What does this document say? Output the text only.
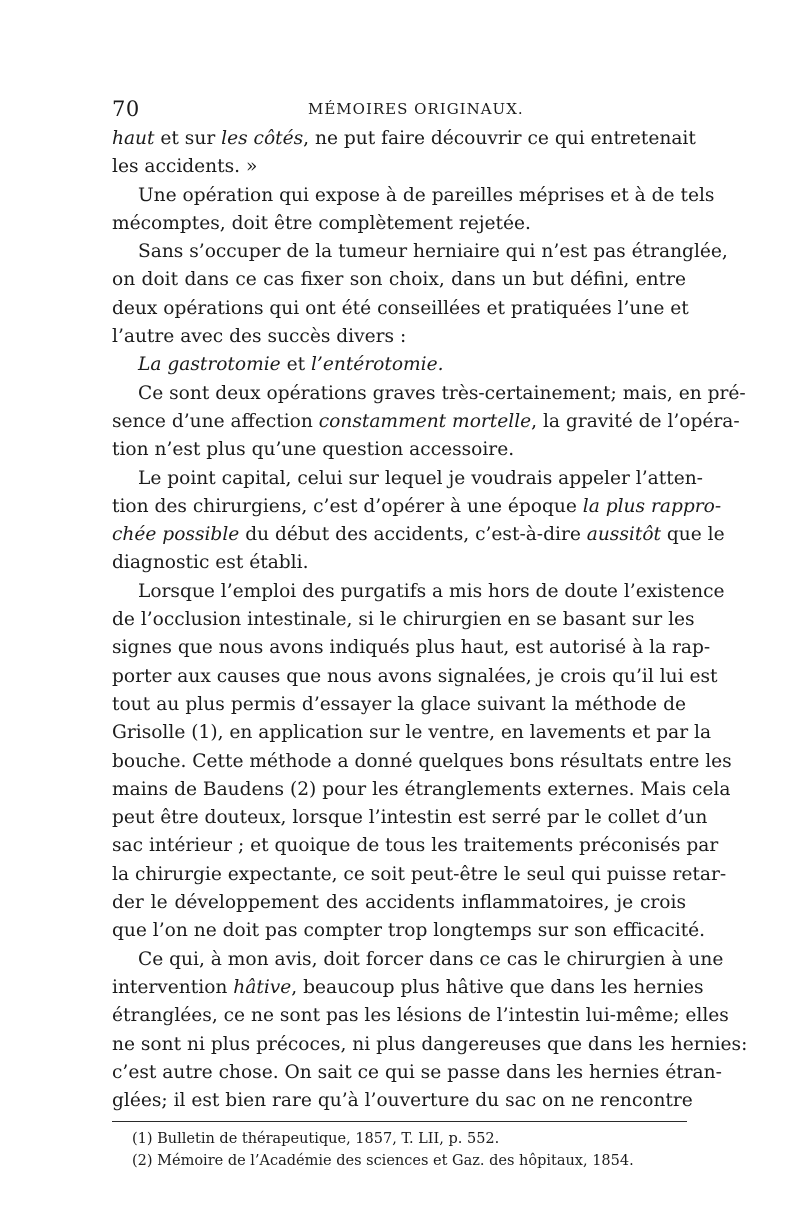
70	MÉMOIRES ORIGINAUX.
haut et sur les côtés, ne put faire découvrir ce qui entretenait
les accidents. »
Une opération qui expose à de pareilles méprises et à de tels
mécomptes, doit être complètement rejetée.
Sans s’occuper de la tumeur herniaire qui n’est pas étranglée,
on doit dans ce cas fixer son choix, dans un but défini, entre
deux opérations qui ont été conseillées et pratiquées l’une et
l’autre avec des succès divers :
La gastrotomie et l’entérotomie.
Ce sont deux opérations graves très-certainement; mais, en pré-
sence d’une affection constamment mortelle, la gravité de l’opéra-
tion n’est plus qu’une question accessoire.
Le point capital, celui sur lequel je voudrais appeler l’atten-
tion des chirurgiens, c’est d’opérer à une époque la plus rappro-
chée possible du début des accidents, c’est-à-dire aussitôt que le
diagnostic est établi.
Lorsque l’emploi des purgatifs a mis hors de doute l’existence
de l’occlusion intestinale, si le chirurgien en se basant sur les
signes que nous avons indiqués plus haut, est autorisé à la rap-
porter aux causes que nous avons signalées, je crois qu’il lui est
tout au plus permis d’essayer la glace suivant la méthode de
Grisolle (1), en application sur le ventre, en lavements et par la
bouche. Cette méthode a donné quelques bons résultats entre les
mains de Baudens (2) pour les étranglements externes. Mais cela
peut être douteux, lorsque l’intestin est serré par le collet d’un
sac intérieur ; et quoique de tous les traitements préconisés par
la chirurgie expectante, ce soit peut-être le seul qui puisse retar-
der le développement des accidents inflammatoires, je crois
que l’on ne doit pas compter trop longtemps sur son efficacité.
Ce qui, à mon avis, doit forcer dans ce cas le chirurgien à une
intervention hâtive, beaucoup plus hâtive que dans les hernies
étranglées, ce ne sont pas les lésions de l’intestin lui-même; elles
ne sont ni plus précoces, ni plus dangereuses que dans les hernies:
c’est autre chose. On sait ce qui se passe dans les hernies étran-
glées; il est bien rare qu’à l’ouverture du sac on ne rencontre
(1) Bulletin de thérapeutique, 1857, T. LII, p. 552.
(2) Mémoire de l’Académie des sciences et Gaz. des hôpitaux, 1854.
